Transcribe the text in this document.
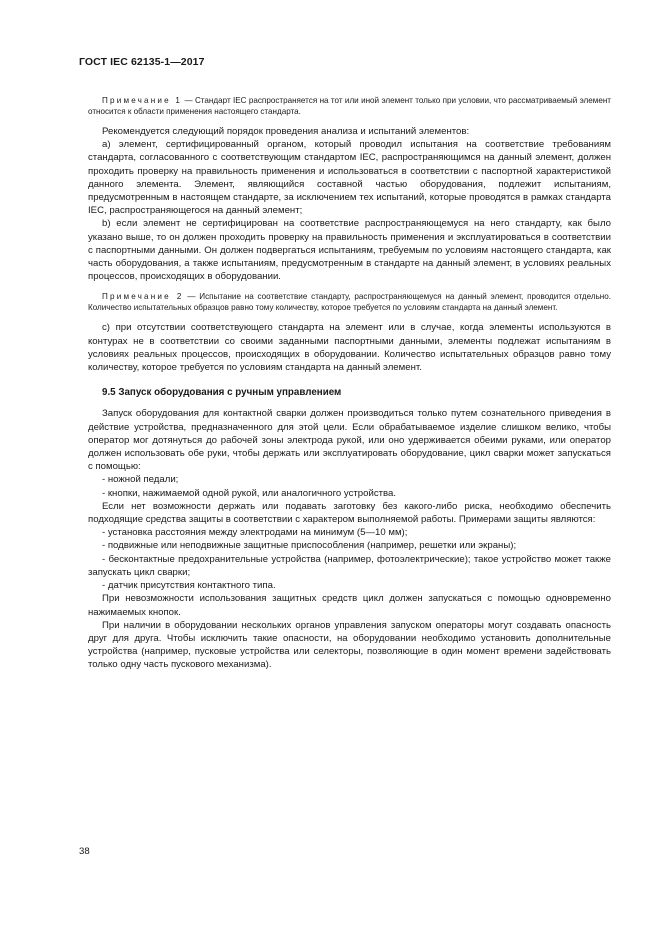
ГОСТ IEC 62135-1—2017

Примечание 1 — Стандарт IEC распространяется на тот или иной элемент только при условии, что рассматриваемый элемент относится к области применения настоящего стандарта.

Рекомендуется следующий порядок проведения анализа и испытаний элементов:

а) элемент, сертифицированный органом, который проводил испытания на соответствие требованиям стандарта, согласованного с соответствующим стандартом IEC, распространяющимся на данный элемент, должен проходить проверку на правильность применения и использоваться в соответствии с паспортной характеристикой данного элемента. Элемент, являющийся составной частью оборудования, подлежит испытаниям, предусмотренным в настоящем стандарте, за исключением тех испытаний, которые проводятся в рамках стандарта IEC, распространяющегося на данный элемент;

b) если элемент не сертифицирован на соответствие распространяющемуся на него стандарту, как было указано выше, то он должен проходить проверку на правильность применения и эксплуатироваться в соответствии с паспортными данными. Он должен подвергаться испытаниям, требуемым по условиям настоящего стандарта, как часть оборудования, а также испытаниям, предусмотренным в стандарте на данный элемент, в условиях реальных процессов, происходящих в оборудовании.

Примечание 2 — Испытание на соответствие стандарту, распространяющемуся на данный элемент, проводится отдельно. Количество испытательных образцов равно тому количеству, которое требуется по условиям стандарта на данный элемент.

с) при отсутствии соответствующего стандарта на элемент или в случае, когда элементы используются в контурах не в соответствии со своими заданными паспортными данными, элементы подлежат испытаниям в условиях реальных процессов, происходящих в оборудовании. Количество испытательных образцов равно тому количеству, которое требуется по условиям стандарта на данный элемент.

9.5 Запуск оборудования с ручным управлением

Запуск оборудования для контактной сварки должен производиться только путем сознательного приведения в действие устройства, предназначенного для этой цели. Если обрабатываемое изделие слишком велико, чтобы оператор мог дотянуться до рабочей зоны электрода рукой, или оно удерживается обеими руками, или оператор должен использовать обе руки, чтобы держать или эксплуатировать оборудование, цикл сварки может запускаться с помощью:

- ножной педали;

- кнопки, нажимаемой одной рукой, или аналогичного устройства.

Если нет возможности держать или подавать заготовку без какого-либо риска, необходимо обеспечить подходящие средства защиты в соответствии с характером выполняемой работы. Примерами защиты являются:

- установка расстояния между электродами на минимум (5—10 мм);

- подвижные или неподвижные защитные приспособления (например, решетки или экраны);

- бесконтактные предохранительные устройства (например, фотоэлектрические); такое устройство может также запускать цикл сварки;

- датчик присутствия контактного типа.

При невозможности использования защитных средств цикл должен запускаться с помощью одновременно нажимаемых кнопок.

При наличии в оборудовании нескольких органов управления запуском операторы могут создавать опасность друг для друга. Чтобы исключить такие опасности, на оборудовании необходимо установить дополнительные устройства (например, пусковые устройства или селекторы, позволяющие в один момент времени задействовать только одну часть пускового механизма).

38
